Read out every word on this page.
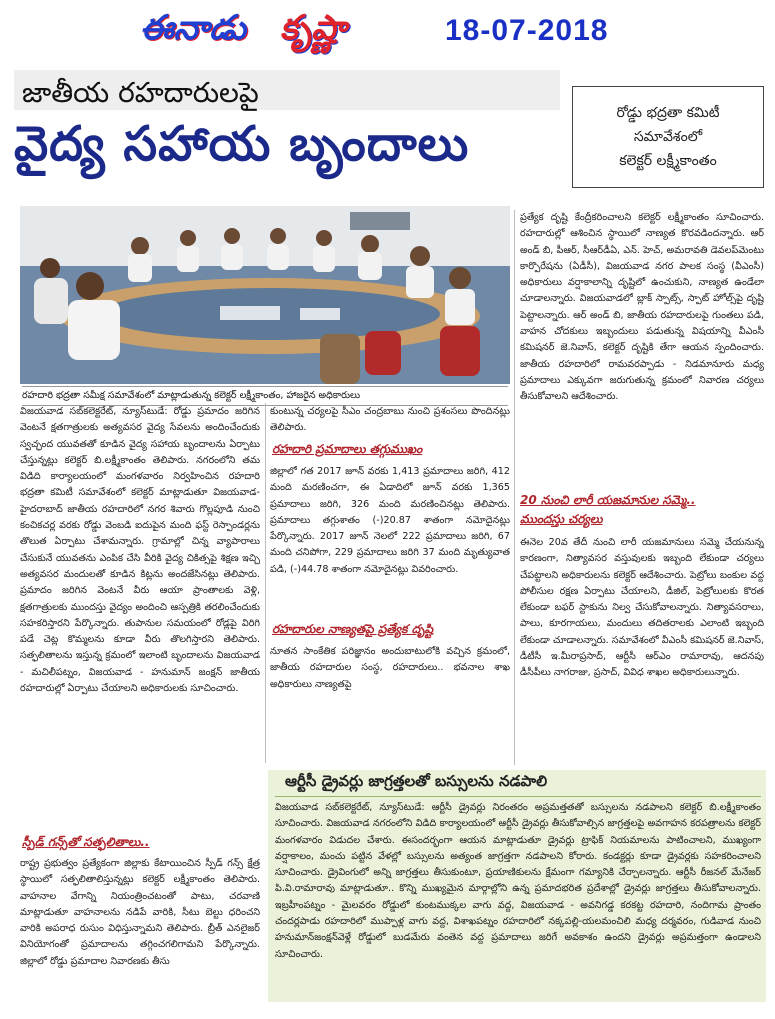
ఈనాడు కృష్ణా	18-07-2018
జాతీయ రహదారులపై
వైద్య సహాయ బృందాలు
రోడ్డు భద్రతా కమిటీ
సమావేశంలో
కలెక్టర్ లక్ష్మీకాంతం
రహదారి భద్రతా సమీక్ష సమావేశంలో మాట్లాడుతున్న కలెక్టర్ లక్ష్మీకాంతం, హాజరైన అధికారులు
విజయవాడ సబ్‌కలెక్టరేట్, న్యూస్‌టుడే: రోడ్డు ప్రమాదం జరిగిన వెంటనే క్షతగాత్రులకు అత్యవసర వైద్య సేవలను అందించేందుకు స్వచ్ఛంద యువతతో కూడిన వైద్య సహాయ బృందాలను ఏర్పాటు చేస్తున్నట్లు కలెక్టర్ బి.లక్ష్మీకాంతం తెలిపారు. నగరంలోని తమ విడిది కార్యాలయంలో మంగళవారం నిర్వహించిన రహదారి భద్రతా కమిటీ సమావేశంలో కలెక్టర్ మాట్లాడుతూ విజయవాడ-హైదరాబాద్ జాతీయ రహదారిలో నగర శివారు గొల్లపూడి నుంచి కంచికచర్ల వరకు రోడ్డు వెంబడి ఐదుపైన మంది ఫస్ట్ రెస్పాండర్లను తొలుత ఏర్పాటు చేశామన్నారు. గ్రామాల్లో చిన్న వ్యాపారాలు చేసుకునే యువతను ఎంపిక చేసి వీరికి వైద్య చికిత్సపై శిక్షణ ఇచ్చి అత్యవసర మందులతో కూడిన కిట్లను అందజేసినట్లు తెలిపారు. ప్రమాదం జరిగిన వెంటనే వీరు ఆయా ప్రాంతాలకు వెళ్లి, క్షతగాత్రులకు ముందస్తు వైద్యం అందించి ఆస్పత్రికి తరలించేందుకు సహకరిస్తారని పేర్కొన్నారు. తుపానుల సమయంలో రోడ్లపై విరిగి పడే చెట్ల కొమ్మలను కూడా వీరు తొలగిస్తారని తెలిపారు. సత్ఫలితాలను ఇస్తున్న క్రమంలో ఇలాంటి బృందాలను విజయవాడ - మచిలీపట్నం, విజయవాడ - హనుమాన్ జంక్షన్ జాతీయ రహదారుల్లో ఏర్పాటు చేయాలని అధికారులకు సూచించారు.
స్పీడ్ గన్స్‌తో సత్ఫలితాలు..
రాష్ట్ర ప్రభుత్వం ప్రత్యేకంగా జిల్లాకు కేటాయించిన స్పీడ్ గన్స్ క్షేత్ర స్థాయిలో సత్ఫలితాలిస్తున్నట్లు కలెక్టర్ లక్ష్మీకాంతం తెలిపారు. వాహనాల వేగాన్ని నియంత్రించటంతో పాటు, చరవాణి మాట్లాడుతూ వాహనాలను నడిపే వారికి, సీటు బెల్టు ధరించని వారికి అపరాధ రుసుం విధిస్తున్నామని తెలిపారు. బ్రీత్ ఎనలైజర్ వినియోగంతో ప్రమాదాలను తగ్గించగలిగామని పేర్కొన్నారు. జిల్లాలో రోడ్డు ప్రమాదాల నివారణకు తీసు
కుంటున్న చర్యలపై సీఎం చంద్రబాబు నుంచి ప్రశంసలు పొందినట్లు తెలిపారు.
రహదారి ప్రమాదాలు తగ్గుముఖం
జిల్లాలో గత 2017 జూన్ వరకు 1,413 ప్రమాదాలు జరిగి, 412 మంది మరణించగా, ఈ ఏడాదిలో జూన్ వరకు 1,365 ప్రమాదాలు జరిగి, 326 మంది మరణించినట్లు తెలిపారు. ప్రమాదాలు తగ్గుశాతం (-)20.87 శాతంగా నమోదైనట్లు పేర్కొన్నారు. 2017 జూన్ నెలలో 222 ప్రమాదాలు జరిగి, 67 మంది చనిపోగా, 229 ప్రమాదాలు జరిగి 37 మంది మృత్యువాత పడి, (-)44.78 శాతంగా నమోదైనట్లు వివరించారు.
రహదారుల నాణ్యతపై ప్రత్యేక దృష్టి
నూతన సాంకేతిక పరిజ్ఞానం అందుబాటులోకి వచ్చిన క్రమంలో, జాతీయ రహదారుల సంస్థ, రహదారులు.. భవనాల శాఖ అధికారులు నాణ్యతపై
ప్రత్యేక దృష్టి కేంద్రీకరించాలని కలెక్టర్ లక్ష్మీకాంతం సూచించారు. రహదారుల్లో ఆశించిన స్థాయిలో నాణ్యత కొరవడిందన్నారు. ఆర్ అండ్ బి, పీఆర్, సీఆర్‌డీఏ, ఎన్. హెచ్, అమరావతి డెవలప్‌మెంటు కార్పొరేషను (ఏడీసీ), విజయవాడ నగర పాలక సంస్థ (వీఎంసీ) అధికారులు వర్షాకాలాన్ని దృష్టిలో ఉంచుకుని, నాణ్యత ఉండేలా చూడాలన్నారు. విజయవాడలో బ్లాక్ స్పాట్స్, స్పాట్ హోల్స్‌పై దృష్టి పెట్టాలన్నారు. ఆర్ అండ్ బి, జాతీయ రహదారులపై గుంతలు పడి, వాహన చోదకులు ఇబ్బందులు పడుతున్న విషయాన్ని వీఎంసీ కమిషనర్ జె.నివాస్, కలెక్టర్ దృష్టికి తేగా ఆయన స్పందించారు. జాతీయ రహదారిలో రామవరప్పాడు - నిడమానూరు మధ్య ప్రమాదాలు ఎక్కువగా జరుగుతున్న క్రమంలో నివారణ చర్యలు తీసుకోవాలని ఆదేశించారు.
20 నుంచి లారీ యజమానుల సమ్మె..
ముందస్తు చర్యలు
ఈనెల 20వ తేదీ నుంచి లారీ యజమానులు సమ్మె చేయనున్న కారణంగా, నిత్యావసర వస్తువులకు ఇబ్బంది లేకుండా చర్యలు చేపట్టాలని అధికారులను కలెక్టర్ ఆదేశించారు. పెట్రోలు బంకుల వద్ద పోలీసుల రక్షణ ఏర్పాటు చేయాలని, డీజిల్, పెట్రోలులకు కొరత లేకుండా బఫర్ స్టాకును నిల్వ చేసుకోవాలన్నారు. నిత్యావసరాలు, పాలు, కూరగాయలు, మందులు తదితరాలకు ఎలాంటి ఇబ్బంది లేకుండా చూడాలన్నారు. సమావేశంలో వీఎంసీ కమిషనర్ జె.నివాస్, డీటీసీ ఇ.మీరాప్రసాద్, ఆర్టీసీ ఆర్‌ఎం రామారావు, ఆదనపు డీసీపీలు నాగరాజు, ప్రసాద్, వివిధ శాఖల అధికారులున్నారు.
ఆర్టీసీ డ్రైవర్లు జాగ్రత్తలతో బస్సులను నడపాలి
విజయవాడ సబ్‌కలెక్టరేట్, న్యూస్‌టుడే: ఆర్టీసీ డ్రైవర్లు నిరంతరం అప్రమత్తతతో బస్సులను నడపాలని కలెక్టర్ బి.లక్ష్మీకాంతం సూచించారు. విజయవాడ నగరంలోని విడిది కార్యాలయంలో ఆర్టీసీ డ్రైవర్లు తీసుకోవాల్సిన జాగ్రత్తలపై అవగాహన కరపత్రాలను కలెక్టర్ మంగళవారం విడుదల చేశారు. ఈసందర్భంగా ఆయన మాట్లాడుతూ డ్రైవర్లు ట్రాఫిక్ నియమాలను పాటించాలని, ముఖ్యంగా వర్షాకాలం, మంచు పట్టిన వేళల్లో బస్సులను అత్యంత జాగ్రత్తగా నడపాలని కోరారు. కండక్టర్లు కూడా డ్రైవర్లకు సహకరించాలని సూచించారు. డ్రైవింగులో అన్ని జాగ్రత్తలు తీసుకుంటూ, ప్రయాణికులను క్షేమంగా గమ్యానికి చేర్చాలన్నారు. ఆర్టీసీ రీజనల్ మేనేజర్ పి.వి.రామారావు మాట్లాడుతూ.. కొన్ని ముఖ్యమైన మార్గాల్లోని ఉన్న ప్రమాదభరిత ప్రదేశాల్లో డ్రైవర్లు జాగ్రత్తలు తీసుకోవాలన్నారు. ఇబ్రహీంపట్నం - మైలవరం రోడ్డులో కుంటముక్కల వాగు వద్ద, విజయవాడ - అవనిగడ్డ కరకట్ట రహదారి, నందిగామ ప్రాంతం చందర్లపాడు రహదారిలో ముప్పాళ్ల వాగు వద్ద, విశాఖపట్నం రహదారిలో నక్కపల్లి-యలమంచిలి మధ్య దర్మవరం, గుడివాడ నుంచి హనుమాన్‌జంక్షన్‌వెళ్లే రోడ్డులో బుడమేరు వంతెన వద్ద ప్రమాదాలు జరిగే అవకాశం ఉందని డ్రైవర్లు అప్రమత్తంగా ఉండాలని సూచించారు.
